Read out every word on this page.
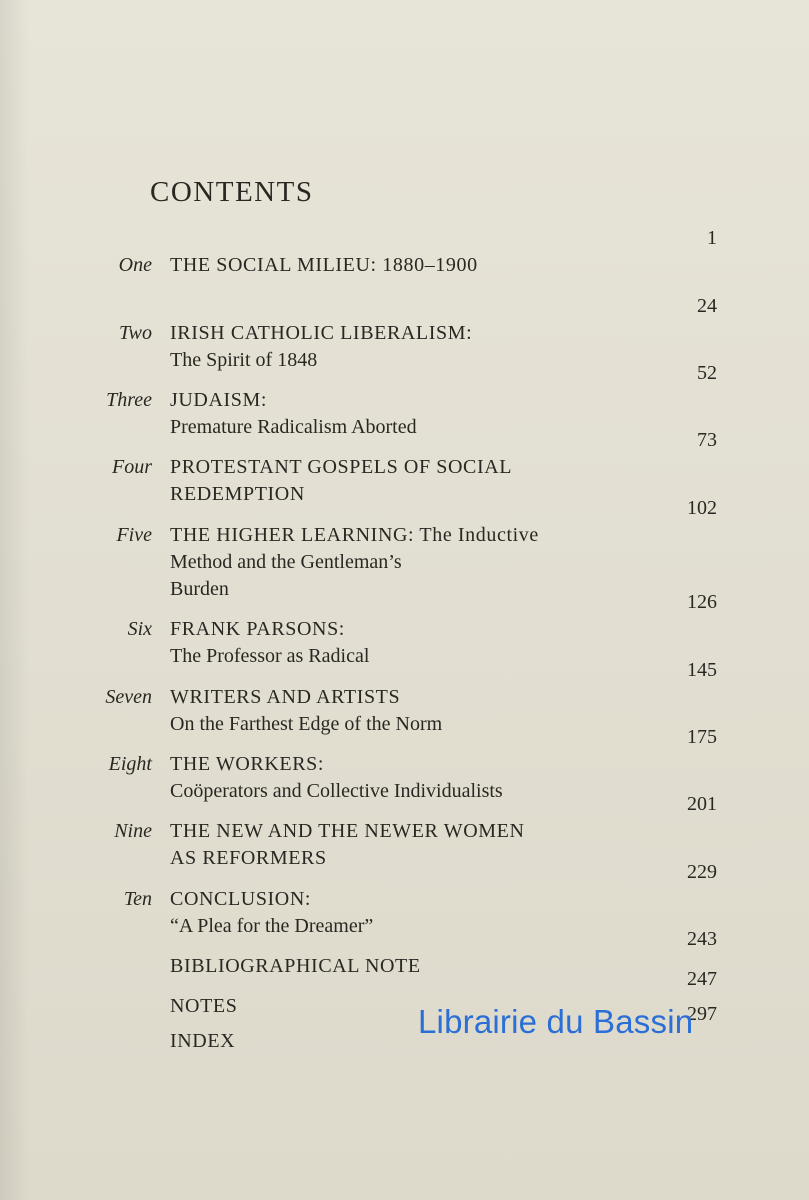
CONTENTS
One THE SOCIAL MILIEU: 1880–1900
1
Two IRISH CATHOLIC LIBERALISM:
The Spirit of 1848
24
Three JUDAISM:
Premature Radicalism Aborted
52
Four PROTESTANT GOSPELS OF SOCIAL
REDEMPTION
73
Five THE HIGHER LEARNING: The Inductive
Method and the Gentleman’s
Burden
102
Six FRANK PARSONS:
The Professor as Radical
126
Seven WRITERS AND ARTISTS
On the Farthest Edge of the Norm
145
Eight THE WORKERS:
Coöperators and Collective Individualists
175
Nine THE NEW AND THE NEWER WOMEN
AS REFORMERS
201
Ten CONCLUSION:
“A Plea for the Dreamer”
229
BIBLIOGRAPHICAL NOTE
243
NOTES
247
INDEX
297
Librairie du Bassin
